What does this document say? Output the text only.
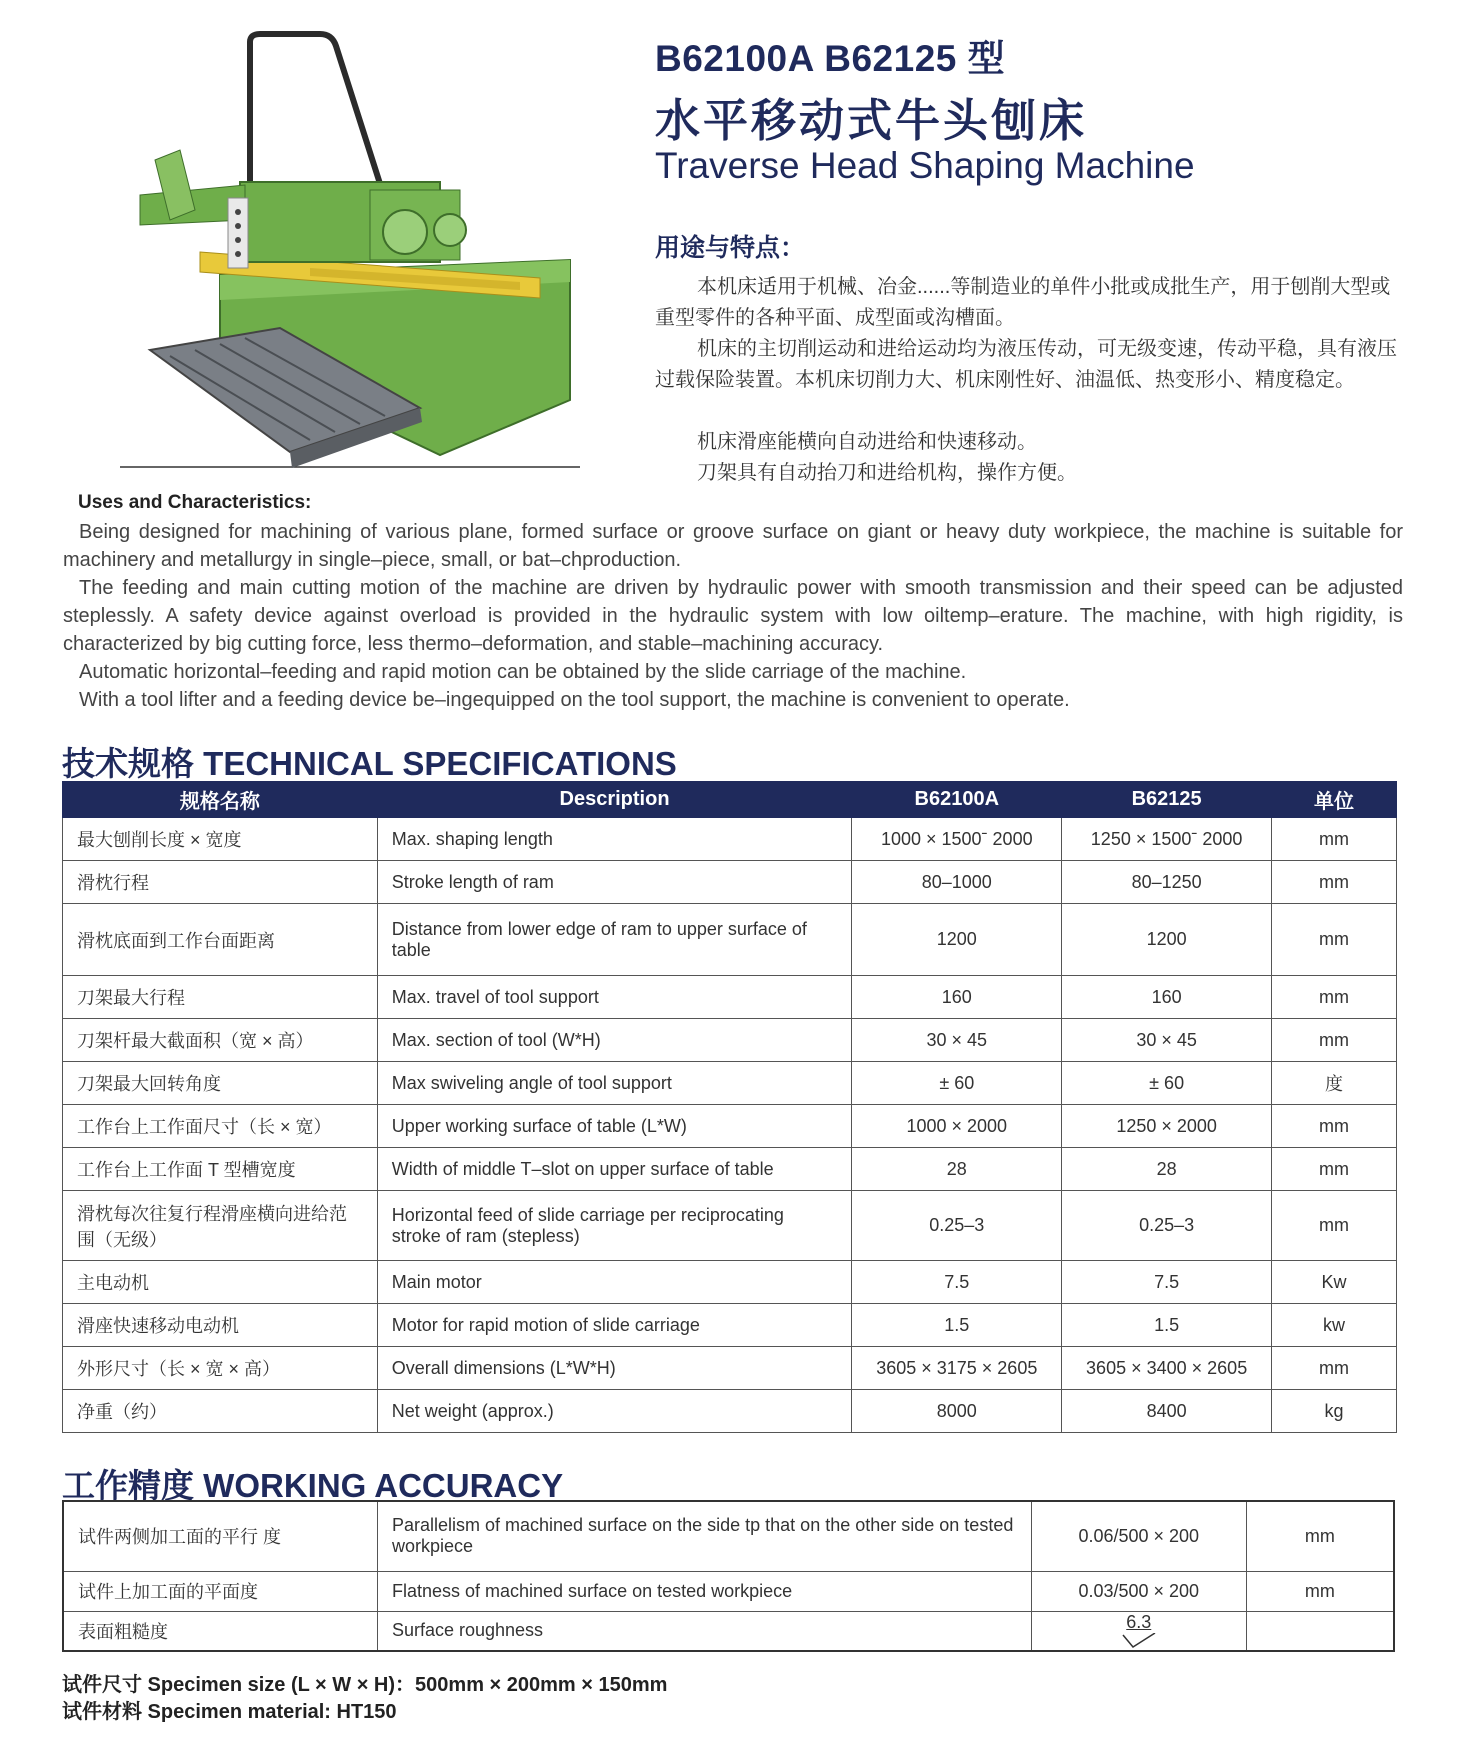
B62100A B62125 型
水平移动式牛头刨床
Traverse Head Shaping Machine
用途与特点：
本机床适用于机械、冶金......等制造业的单件小批或成批生产，用于刨削大型或重型零件的各种平面、成型面或沟槽面。
机床的主切削运动和进给运动均为液压传动，可无级变速，传动平稳，具有液压过载保险装置。本机床切削力大、机床刚性好、油温低、热变形小、精度稳定。
机床滑座能横向自动进给和快速移动。
刀架具有自动抬刀和进给机构，操作方便。
Uses and Characteristics:
Being designed for machining of various plane, formed surface or groove surface on giant or heavy duty workpiece, the machine is suitable for machinery and metallurgy in single–piece, small, or bat–chproduction.
The feeding and main cutting motion of the machine are driven by hydraulic power with smooth transmission and their speed can be adjusted steplessly. A safety device against overload is provided in the hydraulic system with low oiltemp–erature. The machine, with high rigidity, is characterized by big cutting force, less thermo–deformation, and stable–machining accuracy.
Automatic horizontal–feeding and rapid motion can be obtained by the slide carriage of the machine.
With a tool lifter and a feeding device be–ingequipped on the tool support, the machine is convenient to operate.
技术规格 TECHNICAL SPECIFICATIONS
规格名称	Description	B62100A	B62125	单位
最大刨削长度 × 宽度	Max. shaping length	1000 × 1500ˉ 2000	1250 × 1500ˉ 2000	mm
滑枕行程	Stroke length of ram	80–1000	80–1250	mm
滑枕底面到工作台面距离	Distance from lower edge of ram to upper surface of table	1200	1200	mm
刀架最大行程	Max. travel of tool support	160	160	mm
刀架杆最大截面积（宽 × 高）	Max. section of tool (W*H)	30 × 45	30 × 45	mm
刀架最大回转角度	Max swiveling angle of tool support	± 60	± 60	度
工作台上工作面尺寸（长 × 宽）	Upper working surface of table (L*W)	1000 × 2000	1250 × 2000	mm
工作台上工作面 T 型槽宽度	Width of middle T–slot on upper surface of table	28	28	mm
滑枕每次往复行程滑座横向进给范围（无级）	Horizontal feed of slide carriage per reciprocating stroke of ram (stepless)	0.25–3	0.25–3	mm
主电动机	Main motor	7.5	7.5	Kw
滑座快速移动电动机	Motor for rapid motion of slide carriage	1.5	1.5	kw
外形尺寸（长 × 宽 × 高）	Overall dimensions (L*W*H)	3605 × 3175 × 2605	3605 × 3400 × 2605	mm
净重（约）	Net weight (approx.)	8000	8400	kg
工作精度 WORKING ACCURACY
试件两侧加工面的平行 度	Parallelism of machined surface on the side tp that on the other side on tested workpiece	0.06/500 × 200	mm
试件上加工面的平面度	Flatness of machined surface on tested workpiece	0.03/500 × 200	mm
表面粗糙度	Surface roughness	6.3

试件尺寸 Specimen size (L × W × H)：500mm × 200mm × 150mm
试件材料 Specimen material: HT150
